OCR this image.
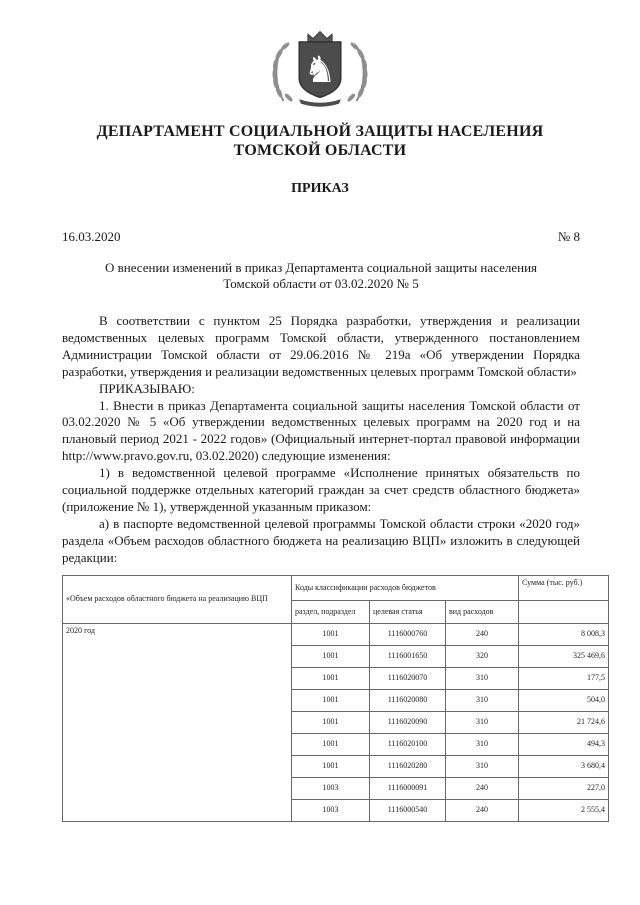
♞
ДЕПАРТАМЕНТ СОЦИАЛЬНОЙ ЗАЩИТЫ НАСЕЛЕНИЯ
ТОМСКОЙ ОБЛАСТИ
ПРИКАЗ
16.03.2020	№ 8
О внесении изменений в приказ Департамента социальной защиты населения
Томской области от 03.02.2020 № 5

В соответствии с пунктом 25 Порядка разработки, утверждения и реализации ведомственных целевых программ Томской области, утвержденного постановлением Администрации Томской области от 29.06.2016 № 219а «Об утверждении Порядка разработки, утверждения и реализации ведомственных целевых программ Томской области»

ПРИКАЗЫВАЮ:

1. Внести в приказ Департамента социальной защиты населения Томской области от 03.02.2020 № 5 «Об утверждении ведомственных целевых программ на 2020 год и на плановый период 2021 - 2022 годов» (Официальный интернет-портал правовой информации http://www.pravo.gov.ru, 03.02.2020) следующие изменения:

1) в ведомственной целевой программе «Исполнение принятых обязательств по социальной поддержке отдельных категорий граждан за счет средств областного бюджета» (приложение № 1), утвержденной указанным приказом:

а) в паспорте ведомственной целевой программы Томской области строки «2020 год» раздела «Объем расходов областного бюджета на реализацию ВЦП» изложить в следующей редакции:

«Объем расходов областного бюджета на реализацию ВЦП	Коды классификации расходов бюджетов			Сумма (тыс. руб.)
	раздел, подраздел	целевая статья	вид расходов	
2020 год	1001	1116000760	240	8 008,3
	1001	1116001650	320	325 469,6
	1001	1116020070	310	177,5
	1001	1116020080	310	504,0
	1001	1116020090	310	21 724,6
	1001	1116020100	310	494,3
	1001	1116020280	310	3 680,4
	1003	1116000091	240	227,0
	1003	1116000540	240	2 555,4
